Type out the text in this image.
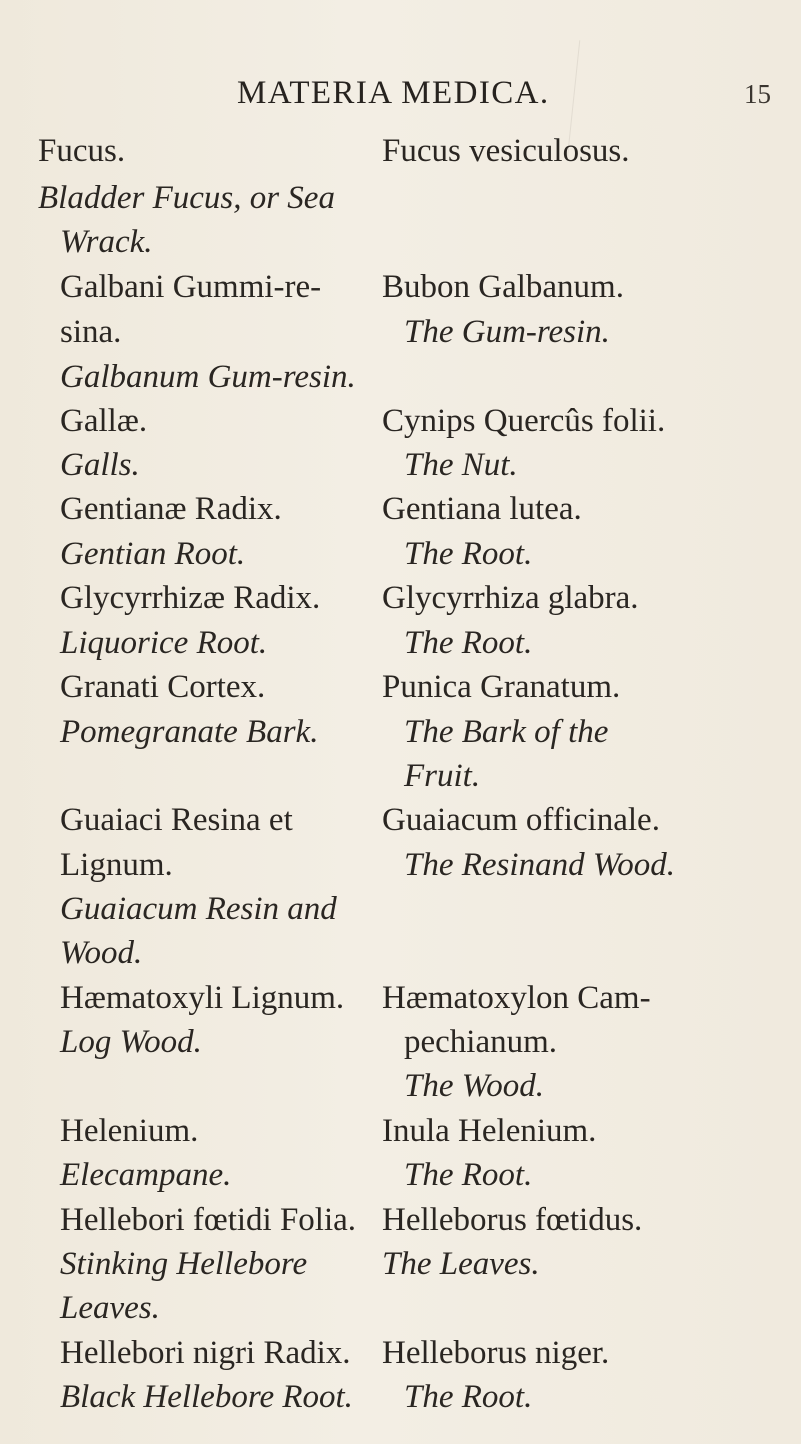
MATERIA MEDICA.	15
Fucus.
Bladder Fucus, or Sea
Wrack.
Galbani Gummi-re-
sina.
Galbanum Gum-resin.
Gallæ.
Galls.
Gentianæ Radix.
Gentian Root.
Glycyrrhizæ Radix.
Liquorice Root.
Granati Cortex.
Pomegranate Bark.
Guaiaci Resina et
Lignum.
Guaiacum Resin and
Wood.
Hæmatoxyli Lignum.
Log Wood.
Helenium.
Elecampane.
Hellebori fœtidi Folia.
Stinking Hellebore
Leaves.
Hellebori nigri Radix.
Black Hellebore Root.
Fucus vesiculosus.
Bubon Galbanum.
The Gum-resin.
Cynips Quercûs folii.
The Nut.
Gentiana lutea.
The Root.
Glycyrrhiza glabra.
The Root.
Punica Granatum.
The Bark of the
Fruit.
Guaiacum officinale.
The Resinand Wood.
Hæmatoxylon Cam-
pechianum.
The Wood.
Inula Helenium.
The Root.
Helleborus fœtidus.
The Leaves.
Helleborus niger.
The Root.
